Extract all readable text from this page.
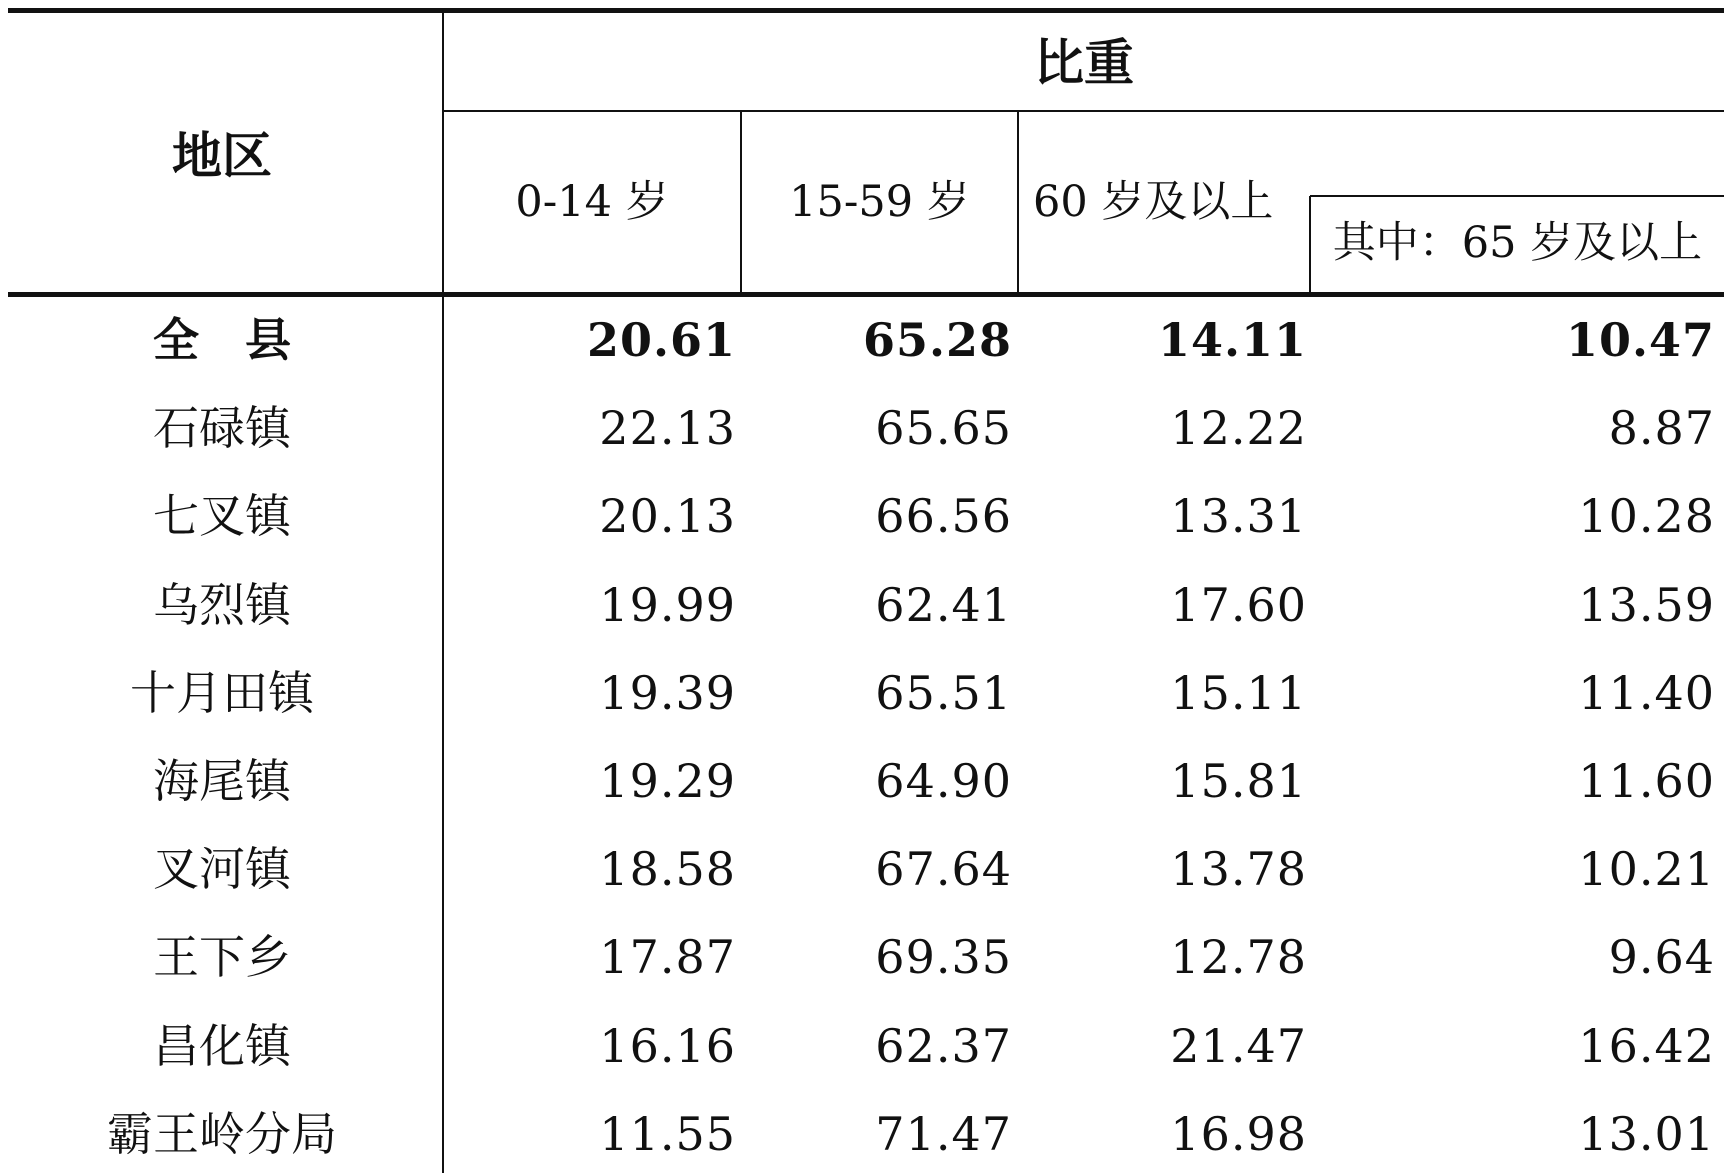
地区
比重
0-14 岁	15-59 岁	60 岁及以上
其中：65 岁及以上
全　县	20.61	65.28	14.11	10.47
石碌镇	22.13	65.65	12.22	8.87
七叉镇	20.13	66.56	13.31	10.28
乌烈镇	19.99	62.41	17.60	13.59
十月田镇	19.39	65.51	15.11	11.40
海尾镇	19.29	64.90	15.81	11.60
叉河镇	18.58	67.64	13.78	10.21
王下乡	17.87	69.35	12.78	9.64
昌化镇	16.16	62.37	21.47	16.42
霸王岭分局	11.55	71.47	16.98	13.01
